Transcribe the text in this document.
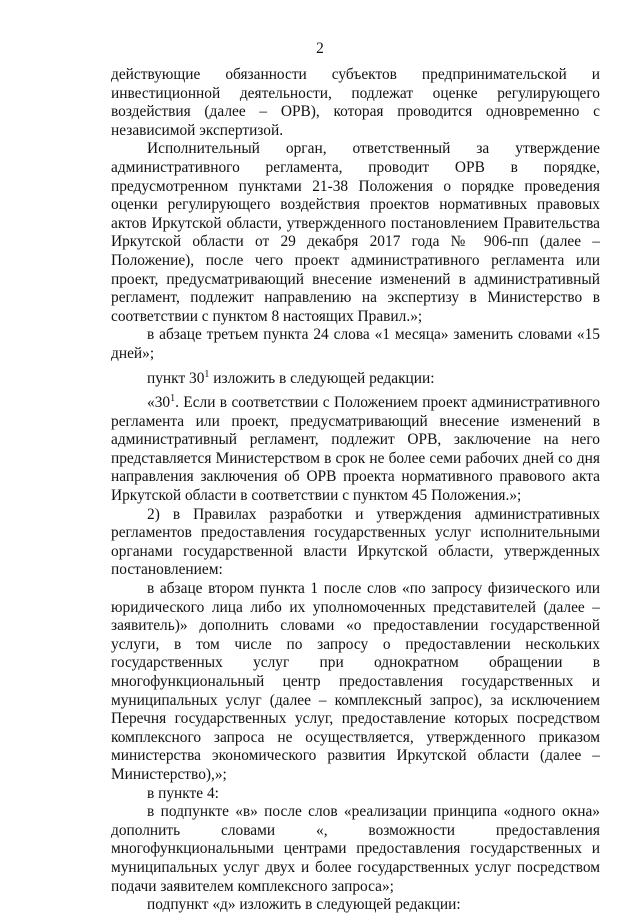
2

действующие обязанности субъектов предпринимательской и инвестиционной деятельности, подлежат оценке регулирующего воздействия (далее – ОРВ), которая проводится одновременно с независимой экспертизой.

Исполнительный орган, ответственный за утверждение административного регламента, проводит ОРВ в порядке, предусмотренном пунктами 21-38 Положения о порядке проведения оценки регулирующего воздействия проектов нормативных правовых актов Иркутской области, утвержденного постановлением Правительства Иркутской области от 29 декабря 2017 года № 906-пп (далее – Положение), после чего проект административного регламента или проект, предусматривающий внесение изменений в административный регламент, подлежит направлению на экспертизу в Министерство в соответствии с пунктом 8 настоящих Правил.»;

в абзаце третьем пункта 24 слова «1 месяца» заменить словами «15 дней»;

пункт $30^1$ изложить в следующей редакции:

«$30^1$. Если в соответствии с Положением проект административного регламента или проект, предусматривающий внесение изменений в административный регламент, подлежит ОРВ, заключение на него представляется Министерством в срок не более семи рабочих дней со дня направления заключения об ОРВ проекта нормативного правового акта Иркутской области в соответствии с пунктом 45 Положения.»;

2) в Правилах разработки и утверждения административных регламентов предоставления государственных услуг исполнительными органами государственной власти Иркутской области, утвержденных постановлением:

в абзаце втором пункта 1 после слов «по запросу физического или юридического лица либо их уполномоченных представителей (далее – заявитель)» дополнить словами «о предоставлении государственной услуги, в том числе по запросу о предоставлении нескольких государственных услуг при однократном обращении в многофункциональный центр предоставления государственных и муниципальных услуг (далее – комплексный запрос), за исключением Перечня государственных услуг, предоставление которых посредством комплексного запроса не осуществляется, утвержденного приказом министерства экономического развития Иркутской области (далее – Министерство),»;

в пункте 4:

в подпункте «в» после слов «реализации принципа «одного окна» дополнить словами «, возможности предоставления многофункциональными центрами предоставления государственных и муниципальных услуг двух и более государственных услуг посредством подачи заявителем комплексного запроса»;

подпункт «д» изложить в следующей редакции:
